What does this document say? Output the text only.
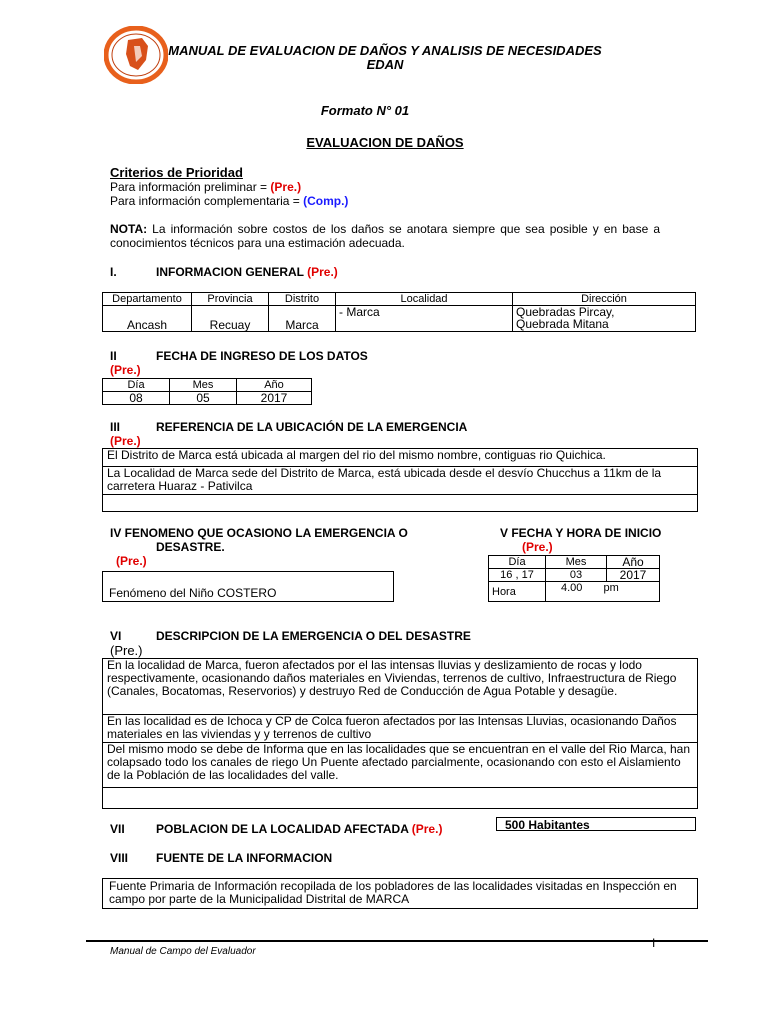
MANUAL DE EVALUACION DE DAÑOS Y ANALISIS DE NECESIDADES
EDAN
Formato N° 01
EVALUACION DE DAÑOS
Criterios de Prioridad
Para información preliminar = (Pre.)
Para información complementaria = (Comp.)
NOTA: La información sobre costos de los daños se anotara siempre que sea posible y en base a conocimientos técnicos para una estimación adecuada.
I.	INFORMACION GENERAL (Pre.)
Departamento	Provincia	Distrito	Localidad	Dirección
Ancash	Recuay	Marca	- Marca	Quebradas Pircay,
Quebrada Mitana
II	FECHA DE INGRESO DE LOS DATOS
(Pre.)
Día	Mes	Año
08	05	2017
III	REFERENCIA DE LA UBICACIÓN DE LA EMERGENCIA
(Pre.)
El Distrito de Marca está ubicada al margen del rio del mismo nombre, contiguas rio Quichica.
La Localidad de Marca sede del Distrito de Marca, está ubicada desde el desvío Chucchus a 11km de la carretera Huaraz - Pativilca
IV FENOMENO QUE OCASIONO LA EMERGENCIA O
DESASTRE.
(Pre.)
Fenómeno del Niño COSTERO
V FECHA Y HORA DE INICIO
(Pre.)
Día	Mes	Año
16 , 17	03	2017
Hora	4.00 pm	
VI	DESCRIPCION DE LA EMERGENCIA O DEL DESASTRE
(Pre.)
En la localidad de Marca, fueron afectados por el las intensas lluvias y deslizamiento de rocas y lodo respectivamente, ocasionando daños materiales en Viviendas, terrenos de cultivo, Infraestructura de Riego (Canales, Bocatomas, Reservorios) y destruyo Red de Conducción de Agua Potable y desagüe.
En las localidad es de Ichoca y CP de Colca fueron afectados por las Intensas Lluvias, ocasionando Daños materiales en las viviendas y y terrenos de cultivo
Del mismo modo se debe de Informa que en las localidades que se encuentran en el valle del Rio Marca, han colapsado todo los canales de riego Un Puente afectado parcialmente, ocasionando con esto el Aislamiento de la Población de las localidades del valle.
VII	POBLACION DE LA LOCALIDAD AFECTADA (Pre.)	500 Habitantes
VIII FUENTE DE LA INFORMACION
Fuente Primaria de Información recopilada de los pobladores de las localidades visitadas en Inspección en campo por parte de la Municipalidad Distrital de MARCA
I
Manual de Campo del Evaluador
